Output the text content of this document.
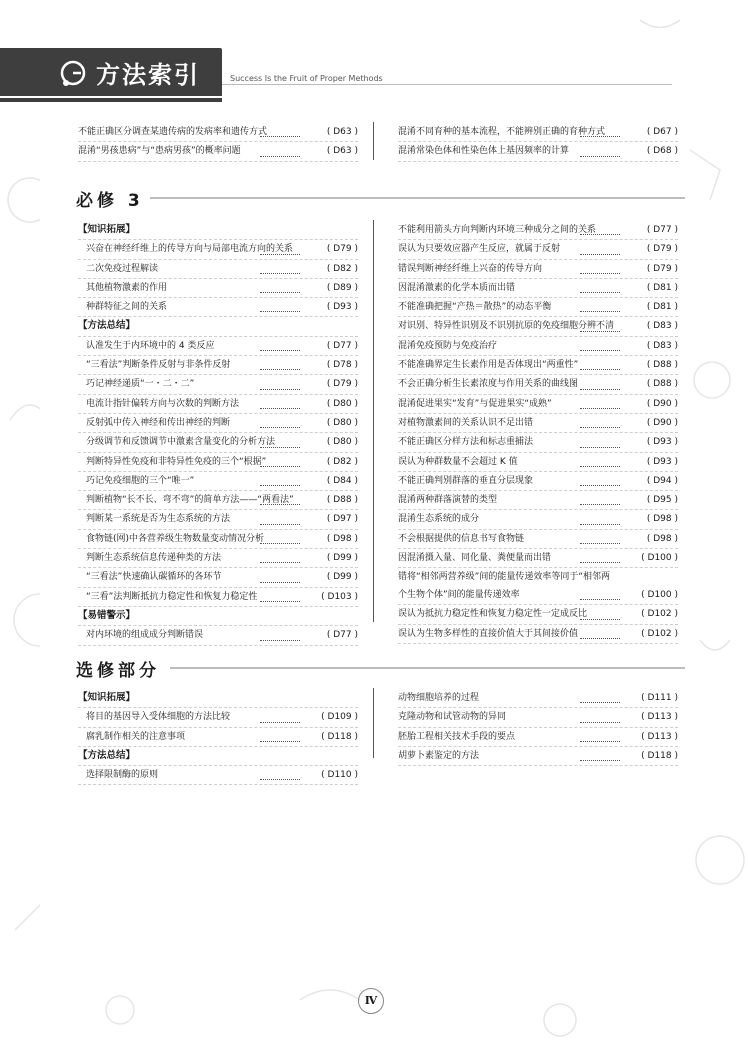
方法索引	Success Is the Fruit of Proper Methods
不能正确区分调查某遗传病的发病率和遗传方式	( D63 )
混淆“男孩患病”与“患病男孩”的概率问题	( D63 )
混淆不同育种的基本流程，不能辨别正确的育种方式	( D67 )
混淆常染色体和性染色体上基因频率的计算	( D68 )
必修 3
【知识拓展】
兴奋在神经纤维上的传导方向与局部电流方向的关系	( D79 )
二次免疫过程解读	( D82 )
其他植物激素的作用	( D89 )
种群特征之间的关系	( D93 )
【方法总结】
认准发生于内环境中的 4 类反应	( D77 )
“三看法”判断条件反射与非条件反射	( D78 )
巧记神经递质“一・二・二”	( D79 )
电流计指针偏转方向与次数的判断方法	( D80 )
反射弧中传入神经和传出神经的判断	( D80 )
分级调节和反馈调节中激素含量变化的分析方法	( D80 )
判断特异性免疫和非特异性免疫的三个“根据”	( D82 )
巧记免疫细胞的三个“唯一”	( D84 )
判断植物“长不长、弯不弯”的简单方法——“两看法”	( D88 )
判断某一系统是否为生态系统的方法	( D97 )
食物链(网)中各营养级生物数量变动情况分析	( D98 )
判断生态系统信息传递种类的方法	( D99 )
“三看法”快速确认碳循环的各环节	( D99 )
“三看”法判断抵抗力稳定性和恢复力稳定性	( D103 )
【易错警示】
对内环境的组成成分判断错误	( D77 )
不能利用箭头方向判断内环境三种成分之间的关系	( D77 )
误认为只要效应器产生反应，就属于反射	( D79 )
错误判断神经纤维上兴奋的传导方向	( D79 )
因混淆激素的化学本质而出错	( D81 )
不能准确把握“产热＝散热”的动态平衡	( D81 )
对识别、特异性识别及不识别抗原的免疫细胞分辨不清	( D83 )
混淆免疫预防与免疫治疗	( D83 )
不能准确界定生长素作用是否体现出“两重性”	( D88 )
不会正确分析生长素浓度与作用关系的曲线图	( D88 )
混淆促进果实“发育”与促进果实“成熟”	( D90 )
对植物激素间的关系认识不足出错	( D90 )
不能正确区分样方法和标志重捕法	( D93 )
误认为种群数量不会超过 K 值	( D93 )
不能正确判别群落的垂直分层现象	( D94 )
混淆两种群落演替的类型	( D95 )
混淆生态系统的成分	( D98 )
不会根据提供的信息书写食物链	( D98 )
因混淆摄入量、同化量、粪便量而出错	( D100 )
错将“相邻两营养级”间的能量传递效率等同于“相邻两个生物个体”间的能量传递效率	( D100 )
误认为抵抗力稳定性和恢复力稳定性一定成反比	( D102 )
误认为生物多样性的直接价值大于其间接价值	( D102 )
选修部分
【知识拓展】
将目的基因导入受体细胞的方法比较	( D109 )
腐乳制作相关的注意事项	( D118 )
【方法总结】
选择限制酶的原则	( D110 )
动物细胞培养的过程	( D111 )
克隆动物和试管动物的异同	( D113 )
胚胎工程相关技术手段的要点	( D113 )
胡萝卜素鉴定的方法	( D118 )
Ⅳ
